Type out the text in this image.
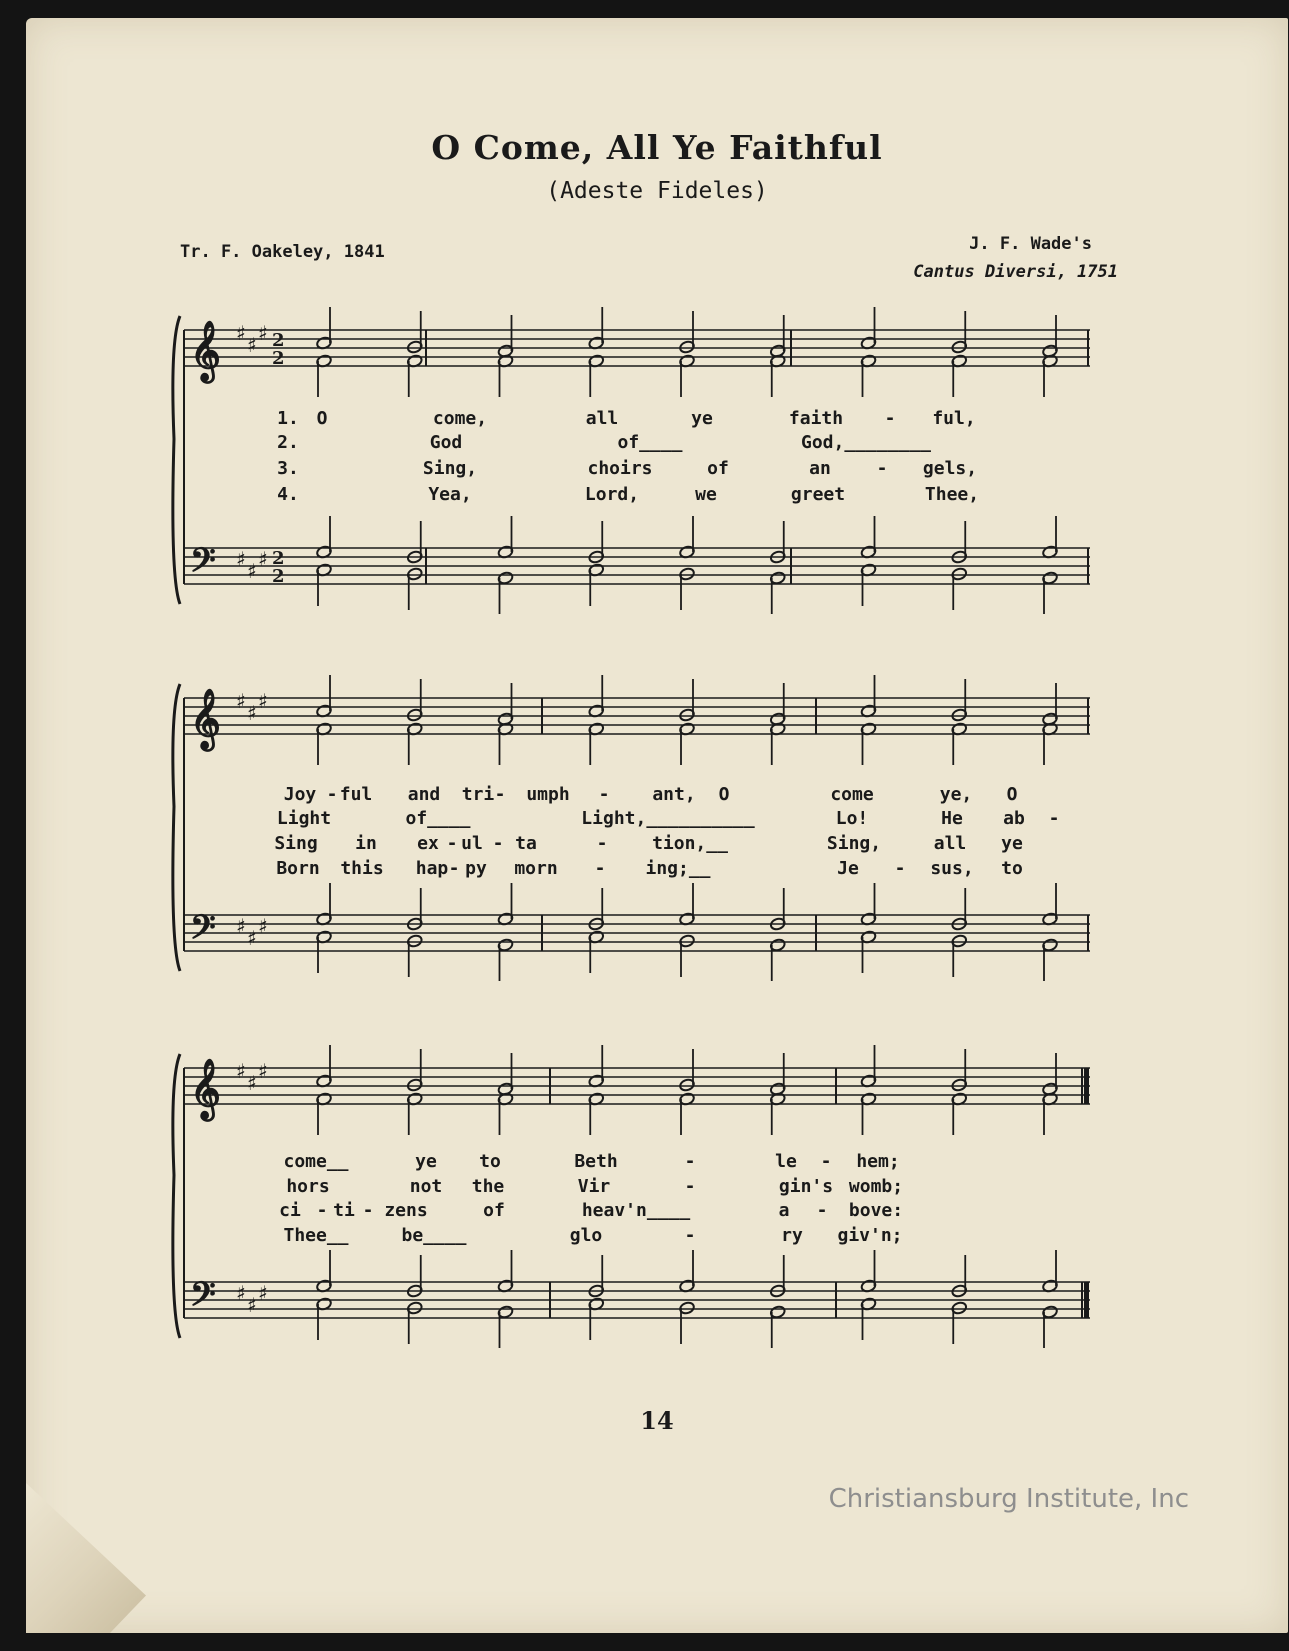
O Come, All Ye Faithful
(Adeste Fideles)
Tr. F. Oakeley, 1841	J. F. Wade's
Cantus Diversi, 1751
𝄞
𝄢
♯
♯
♯
♯
♯
♯
2
2
2
2
𝄞
𝄢
♯
♯
♯
♯
♯
♯
𝄞
𝄢
♯
♯
♯
♯
♯
♯
1. O	come,	all	ye	faith - ful,
2.	God	of____	God,________
3.	Sing,	choirs	of	an	- gels,
4.	Yea,	Lord,	we	greet	Thee,
Joy - ful and tri - umph - ant, O	come	ye, O
Light	of____	Light,__________	Lo!	He ab -
Sing in ex - ul - ta	- tion,__	Sing,	all ye
Born this hap - py morn - ing;__	Je - sus, to
come__	ye to	Beth	-	le - hem;
hors	not the	Vir	-	gin's womb;
ci - ti - zens	of	heav'n____	a - bove:
Thee__	be____	glo	-	ry giv'n;
14
Christiansburg Institute, Inc
